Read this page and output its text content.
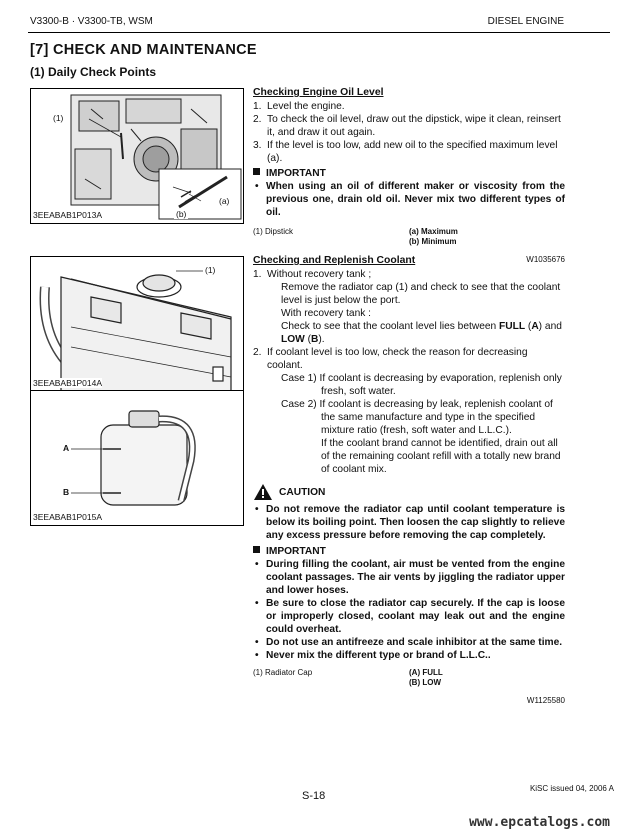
V3300-B · V3300-TB, WSM	DIESEL ENGINE
[7] CHECK AND MAINTENANCE
(1) Daily Check Points
(1)
(a)
(b)
3EEABAB1P013A
(1)
3EEABAB1P014A
A
B
3EEABAB1P015A
Checking Engine Oil Level
1. Level the engine.
2. To check the oil level, draw out the dipstick, wipe it clean, reinsert it, and draw it out again.
3. If the level is too low, add new oil to the specified maximum level (a).
IMPORTANT
• When using an oil of different maker or viscosity from the previous one, drain old oil. Never mix two different types of oil.
(1) Dipstick	(a) Maximum
(b) Minimum
W1035676
Checking and Replenish Coolant
1. Without recovery tank ;
Remove the radiator cap (1) and check to see that the coolant level is just below the port.
With recovery tank :
Check to see that the coolant level lies between FULL (A) and LOW (B).
2. If coolant level is too low, check the reason for decreasing coolant.
Case 1) If coolant is decreasing by evaporation, replenish only fresh, soft water.
Case 2) If coolant is decreasing by leak, replenish coolant of the same manufacture and type in the specified mixture ratio (fresh, soft water and L.L.C.).
If the coolant brand cannot be identified, drain out all of the remaining coolant refill with a totally new brand of coolant mix.
CAUTION
• Do not remove the radiator cap until coolant temperature is below its boiling point. Then loosen the cap slightly to relieve any excess pressure before removing the cap completely.
IMPORTANT
• During filling the coolant, air must be vented from the engine coolant passages. The air vents by jiggling the radiator upper and lower hoses.
• Be sure to close the radiator cap securely. If the cap is loose or improperly closed, coolant may leak out and the engine could overheat.
• Do not use an antifreeze and scale inhibitor at the same time.
• Never mix the different type or brand of L.L.C..
(1) Radiator Cap	(A) FULL
(B) LOW
W1125580
KiSC issued 04, 2006 A
S-18
www.epcatalogs.com
